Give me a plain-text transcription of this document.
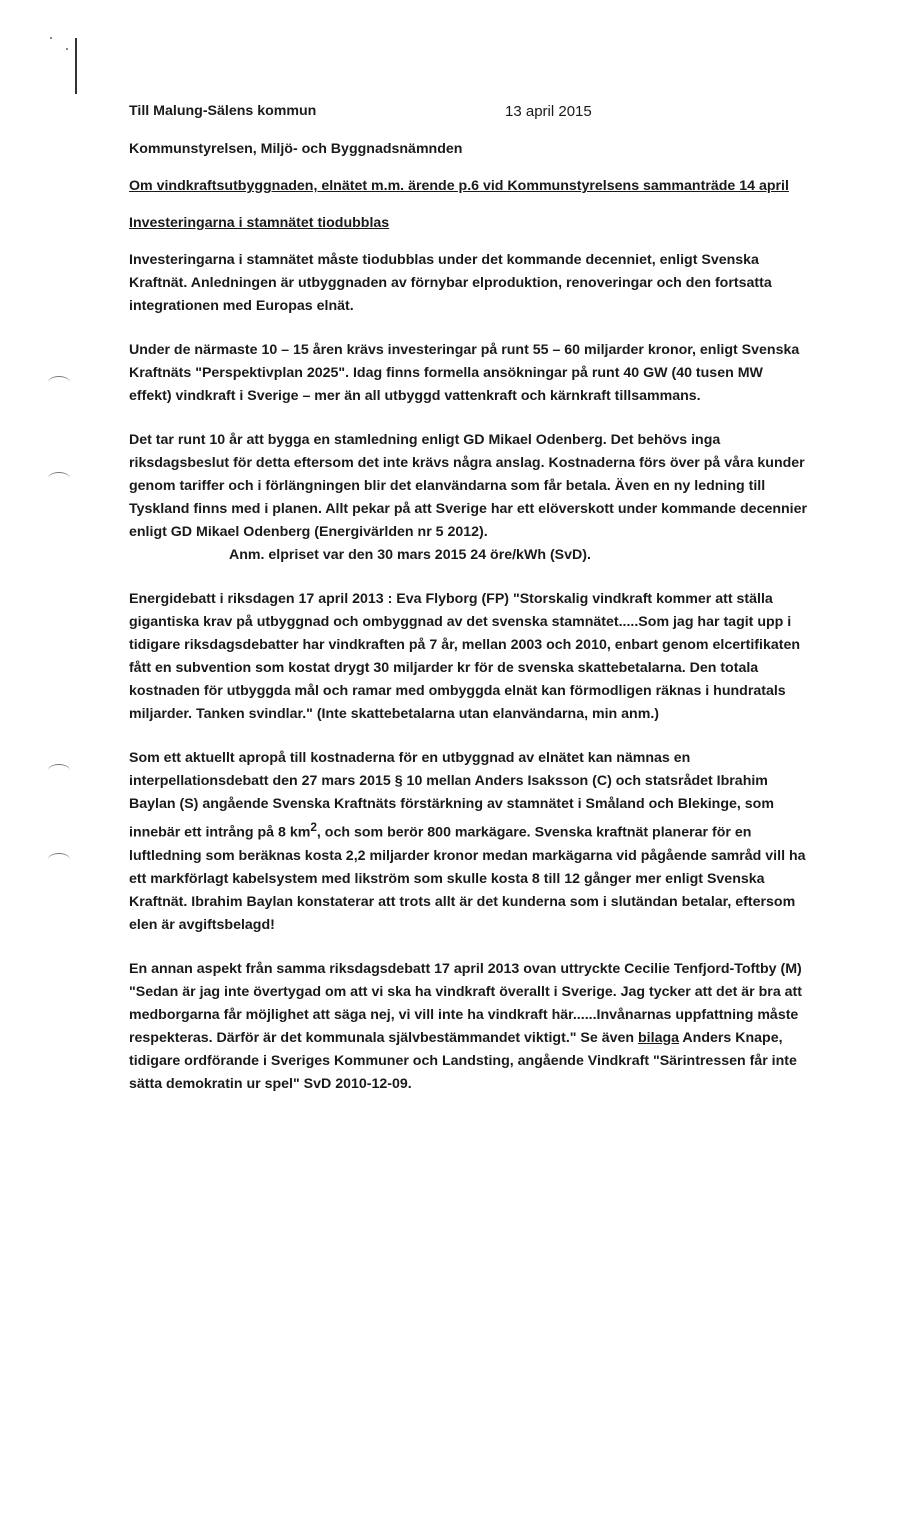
Till Malung-Sälens kommun	13 april 2015
Kommunstyrelsen, Miljö- och Byggnadsnämnden
Om vindkraftsutbyggnaden, elnätet m.m. ärende p.6 vid Kommunstyrelsens sammanträde 14 april
Investeringarna i stamnätet tiodubblas

Investeringarna i stamnätet måste tiodubblas under det kommande decenniet, enligt Svenska Kraftnät. Anledningen är utbyggnaden av förnybar elproduktion, renoveringar och den fortsatta integrationen med Europas elnät.

Under de närmaste 10 – 15 åren krävs investeringar på runt 55 – 60 miljarder kronor, enligt Svenska Kraftnäts "Perspektivplan 2025". Idag finns formella ansökningar på runt 40 GW (40 tusen MW effekt) vindkraft i Sverige – mer än all utbyggd vattenkraft och kärnkraft tillsammans.

Det tar runt 10 år att bygga en stamledning enligt GD Mikael Odenberg. Det behövs inga riksdagsbeslut för detta eftersom det inte krävs några anslag. Kostnaderna förs över på våra kunder genom tariffer och i förlängningen blir det elanvändarna som får betala. Även en ny ledning till Tyskland finns med i planen. Allt pekar på att Sverige har ett elöverskott under kommande decennier enligt GD Mikael Odenberg (Energivärlden nr 5 2012).Anm. elpriset var den 30 mars 2015 24 öre/kWh (SvD).

Energidebatt i riksdagen 17 april 2013 : Eva Flyborg (FP) "Storskalig vindkraft kommer att ställa gigantiska krav på utbyggnad och ombyggnad av det svenska stamnätet.....Som jag har tagit upp i tidigare riksdagsdebatter har vindkraften på 7 år, mellan 2003 och 2010, enbart genom elcertifikaten fått en subvention som kostat drygt 30 miljarder kr för de svenska skattebetalarna. Den totala kostnaden för utbyggda mål och ramar med ombyggda elnät kan förmodligen räknas i hundratals miljarder. Tanken svindlar." (Inte skattebetalarna utan elanvändarna, min anm.)

Som ett aktuellt apropå till kostnaderna för en utbyggnad av elnätet kan nämnas en interpellationsdebatt den 27 mars 2015 § 10 mellan Anders Isaksson (C) och statsrådet Ibrahim Baylan (S) angående Svenska Kraftnäts förstärkning av stamnätet i Småland och Blekinge, som innebär ett intrång på 8 $km^2$, och som berör 800 markägare. Svenska kraftnät planerar för en luftledning som beräknas kosta 2,2 miljarder kronor medan markägarna vid pågående samråd vill ha ett markförlagt kabelsystem med likström som skulle kosta 8 till 12 gånger mer enligt Svenska Kraftnät. Ibrahim Baylan konstaterar att trots allt är det kunderna som i slutändan betalar, eftersom elen är avgiftsbelagd!

En annan aspekt från samma riksdagsdebatt 17 april 2013 ovan uttryckte Cecilie Tenfjord-Toftby (M) "Sedan är jag inte övertygad om att vi ska ha vindkraft överallt i Sverige. Jag tycker att det är bra att medborgarna får möjlighet att säga nej, vi vill inte ha vindkraft här......Invånarnas uppfattning måste respekteras. Därför är det kommunala självbestämmandet viktigt." Se även bilaga Anders Knape, tidigare ordförande i Sveriges Kommuner och Landsting, angående Vindkraft "Särintressen får inte sätta demokratin ur spel" SvD 2010-12-09.
